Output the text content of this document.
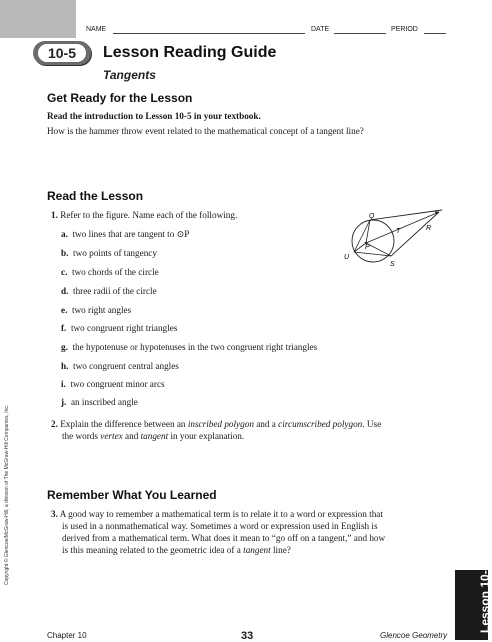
NAME	DATE	PERIOD
10-5	Lesson Reading Guide
Tangents
Get Ready for the Lesson
Read the introduction to Lesson 10-5 in your textbook.
How is the hammer throw event related to the mathematical concept of a tangent line?
Read the Lesson
1. Refer to the figure. Name each of the following.
a. two lines that are tangent to ⊙P
b. two points of tangency
c. two chords of the circle
d. three radii of the circle
e. two right angles
f. two congruent right triangles
g. the hypotenuse or hypotenuses in the two congruent right triangles
h. two congruent central angles
i. two congruent minor arcs
j. an inscribed angle
Q
T	R
P
U
S
2. Explain the difference between an inscribed polygon and a circumscribed polygon. Use
the words vertex and tangent in your explanation.
Remember What You Learned
3. A good way to remember a mathematical term is to relate it to a word or expression that
is used in a nonmathematical way. Sometimes a word or expression used in English is
derived from a mathematical term. What does it mean to “go off on a tangent,” and how
is this meaning related to the geometric idea of a tangent line?
Copyright © Glencoe/McGraw-Hill, a division of The McGraw-Hill Companies, Inc.
Lesson 10-5
Chapter 10	33	Glencoe Geometry
